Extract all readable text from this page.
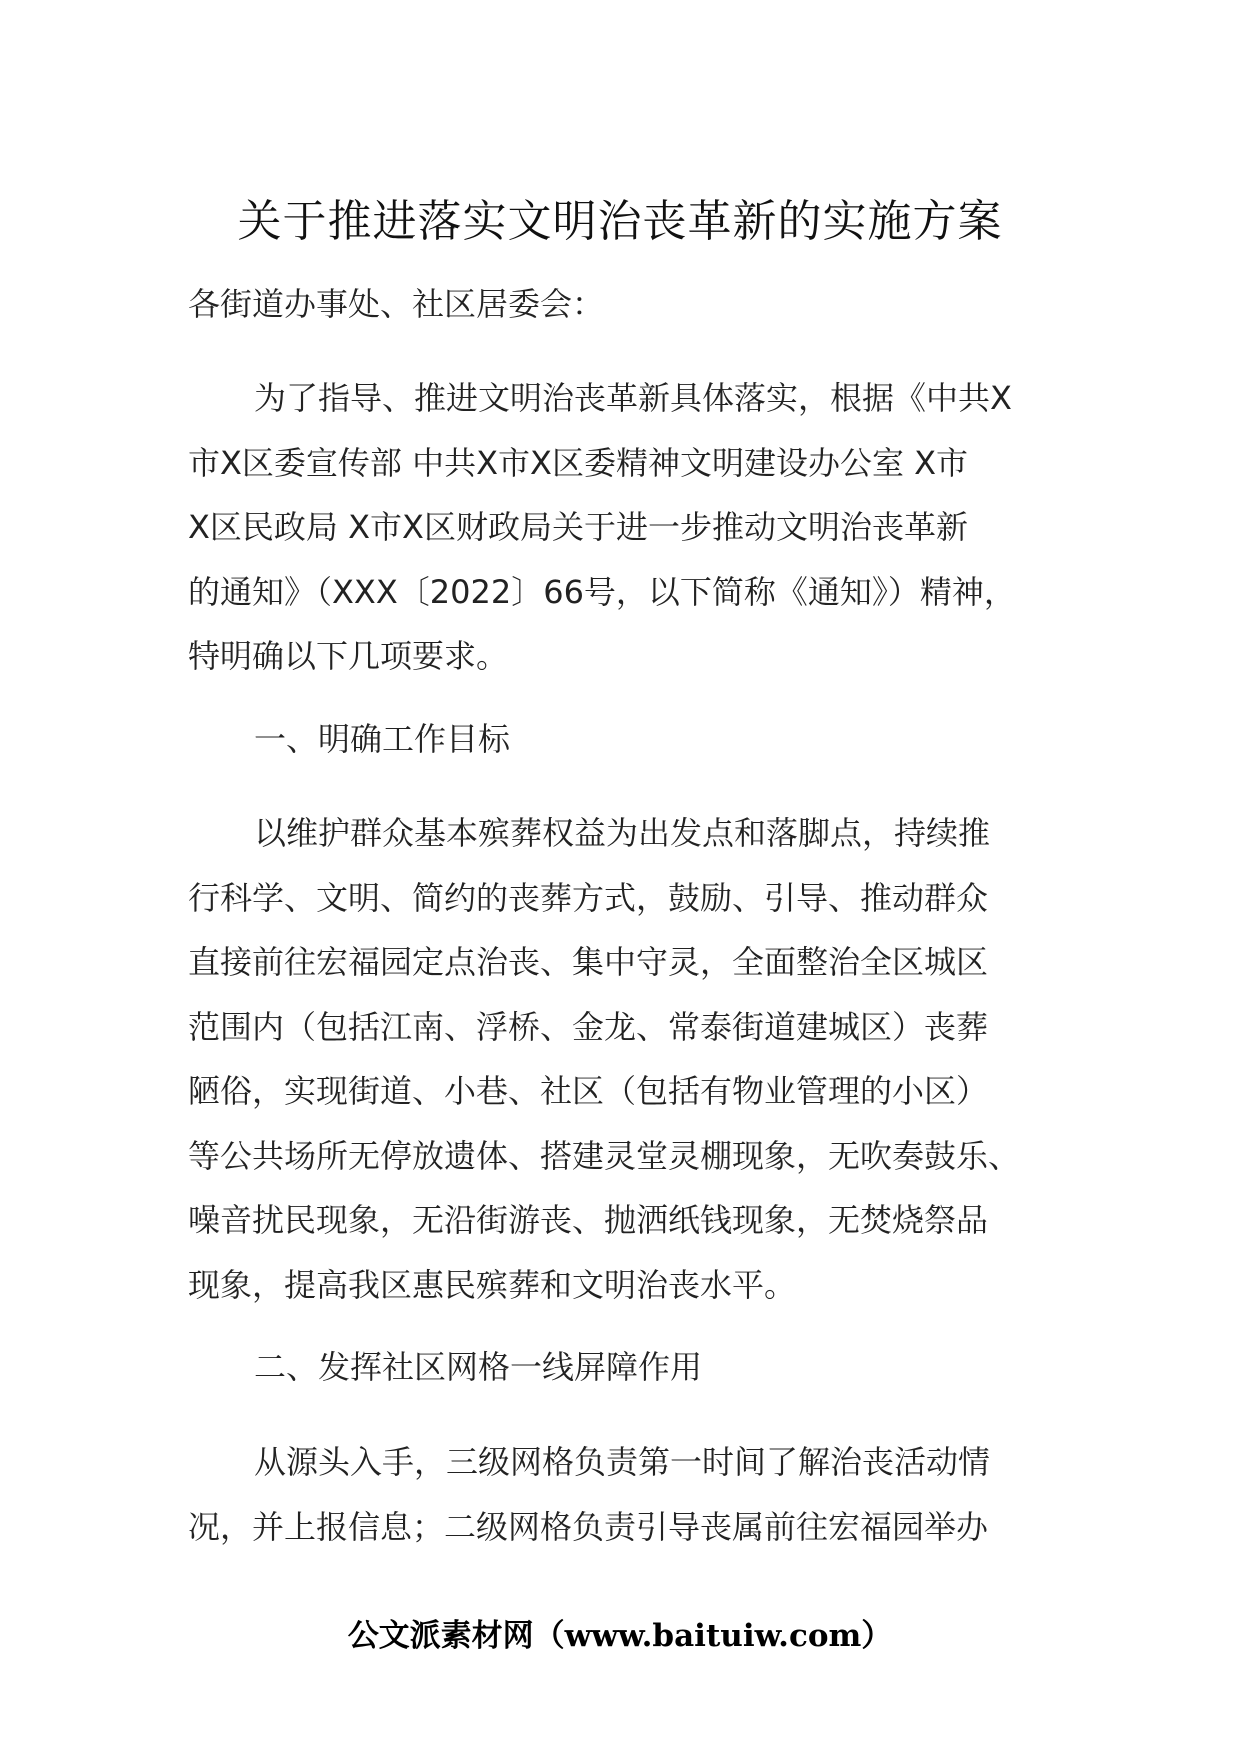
关于推进落实文明治丧革新的实施方案
各街道办事处、社区居委会：
为了指导、推进文明治丧革新具体落实，根据《中共X
市X区委宣传部 中共X市X区委精神文明建设办公室 X市
X区民政局 X市X区财政局关于进一步推动文明治丧革新
的通知》（XXX〔2022〕66号，以下简称《通知》）精神，
特明确以下几项要求。
一、明确工作目标
以维护群众基本殡葬权益为出发点和落脚点，持续推
行科学、文明、简约的丧葬方式，鼓励、引导、推动群众
直接前往宏福园定点治丧、集中守灵，全面整治全区城区
范围内（包括江南、浮桥、金龙、常泰街道建城区）丧葬
陋俗，实现街道、小巷、社区（包括有物业管理的小区）
等公共场所无停放遗体、搭建灵堂灵棚现象，无吹奏鼓乐、
噪音扰民现象，无沿街游丧、抛洒纸钱现象，无焚烧祭品
现象，提高我区惠民殡葬和文明治丧水平。
二、发挥社区网格一线屏障作用
从源头入手，三级网格负责第一时间了解治丧活动情
况，并上报信息；二级网格负责引导丧属前往宏福园举办
公文派素材网（www.baituiw.com）
